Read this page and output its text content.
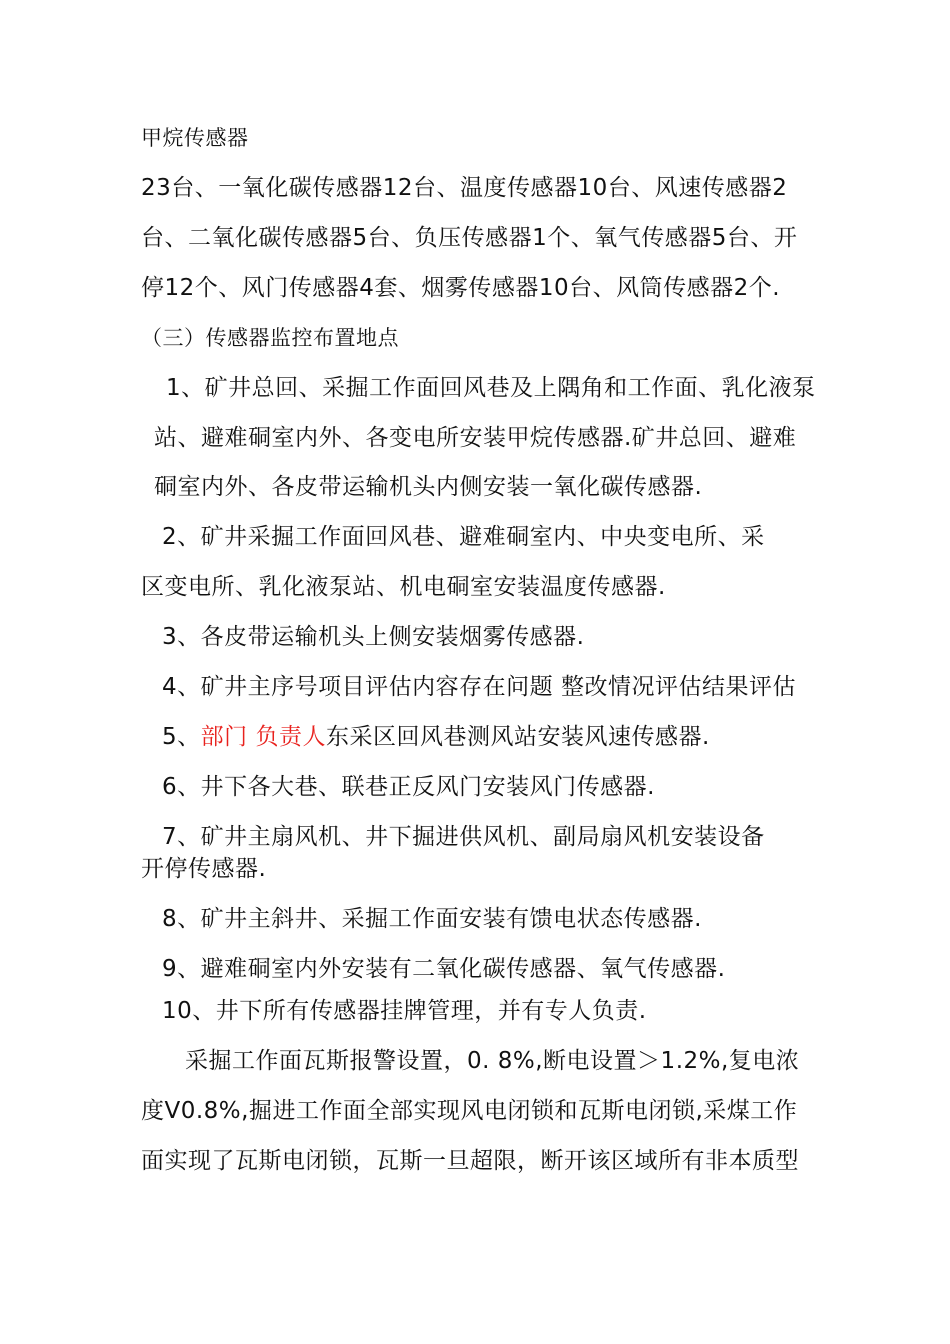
甲烷传感器
23台、一氧化碳传感器12台、温度传感器10台、风速传感器2
台、二氧化碳传感器5台、负压传感器1个、氧气传感器5台、开
停12个、风门传感器4套、烟雾传感器10台、风筒传感器2个.
（三）传感器监控布置地点
1、矿井总回、采掘工作面回风巷及上隅角和工作面、乳化液泵
站、避难硐室内外、各变电所安装甲烷传感器.矿井总回、避难
硐室内外、各皮带运输机头内侧安装一氧化碳传感器.
2、矿井采掘工作面回风巷、避难硐室内、中央变电所、采
区变电所、乳化液泵站、机电硐室安装温度传感器.
3、各皮带运输机头上侧安装烟雾传感器.
4、矿井主序号项目评估内容存在问题 整改情况评估结果评估
5、部门 负责人东采区回风巷测风站安装风速传感器.
6、井下各大巷、联巷正反风门安装风门传感器.
7、矿井主扇风机、井下掘进供风机、副局扇风机安装设备
开停传感器.
8、矿井主斜井、采掘工作面安装有馈电状态传感器.
9、避难硐室内外安装有二氧化碳传感器、氧气传感器.
10、井下所有传感器挂牌管理，并有专人负责.
采掘工作面瓦斯报警设置，0. 8%,断电设置＞1.2%,复电浓
度V0.8%,掘进工作面全部实现风电闭锁和瓦斯电闭锁,采煤工作
面实现了瓦斯电闭锁，瓦斯一旦超限，断开该区域所有非本质型
